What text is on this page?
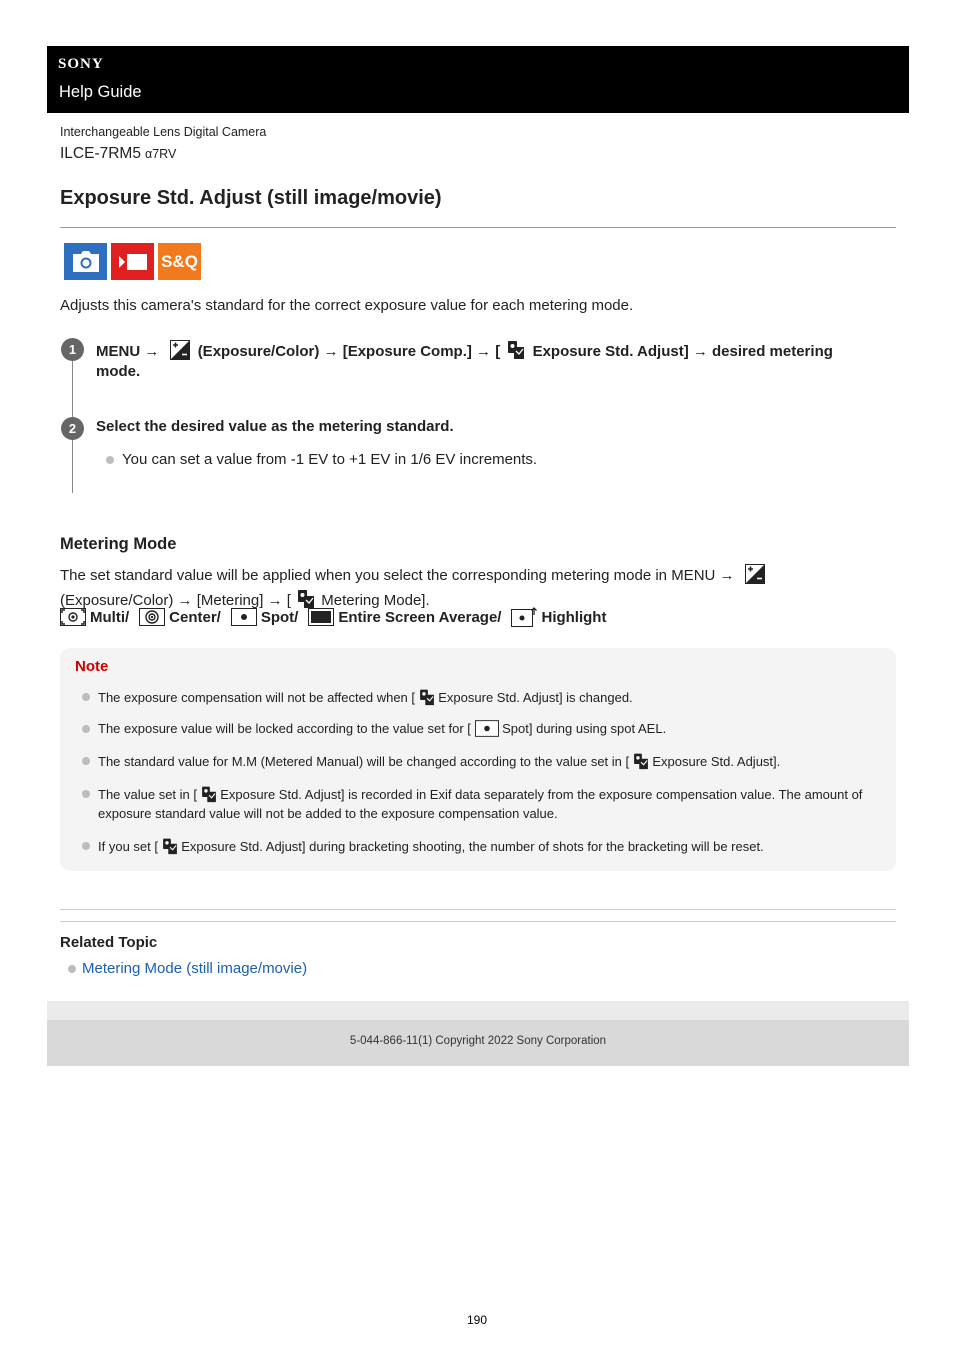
SONY
Help Guide
Interchangeable Lens Digital Camera
ILCE-7RM5 α7RV
Exposure Std. Adjust (still image/movie)
S&Q
Adjusts this camera's standard for the correct exposure value for each metering mode.
1	MENU →	(Exposure/Color) → [Exposure Comp.] → [ Exposure Std. Adjust] → desired metering mode.
2	Select the desired value as the metering standard.
You can set a value from -1 EV to +1 EV in 1/6 EV increments.
Metering Mode
The set standard value will be applied when you select the corresponding metering mode in MENU →
(Exposure/Color) → [Metering] → [ Metering Mode].
Multi/	Center/	Spot/	Entire Screen Average/	Highlight
Note
The exposure compensation will not be affected when [ Exposure Std. Adjust] is changed.
The exposure value will be locked according to the value set for [ Spot] during using spot AEL.
The standard value for M.M (Metered Manual) will be changed according to the value set in [ Exposure Std. Adjust].
The value set in [ Exposure Std. Adjust] is recorded in Exif data separately from the exposure compensation value. The amount of exposure standard value will not be added to the exposure compensation value.
If you set [ Exposure Std. Adjust] during bracketing shooting, the number of shots for the bracketing will be reset.
Related Topic
Metering Mode (still image/movie)
5-044-866-11(1) Copyright 2022 Sony Corporation
190
